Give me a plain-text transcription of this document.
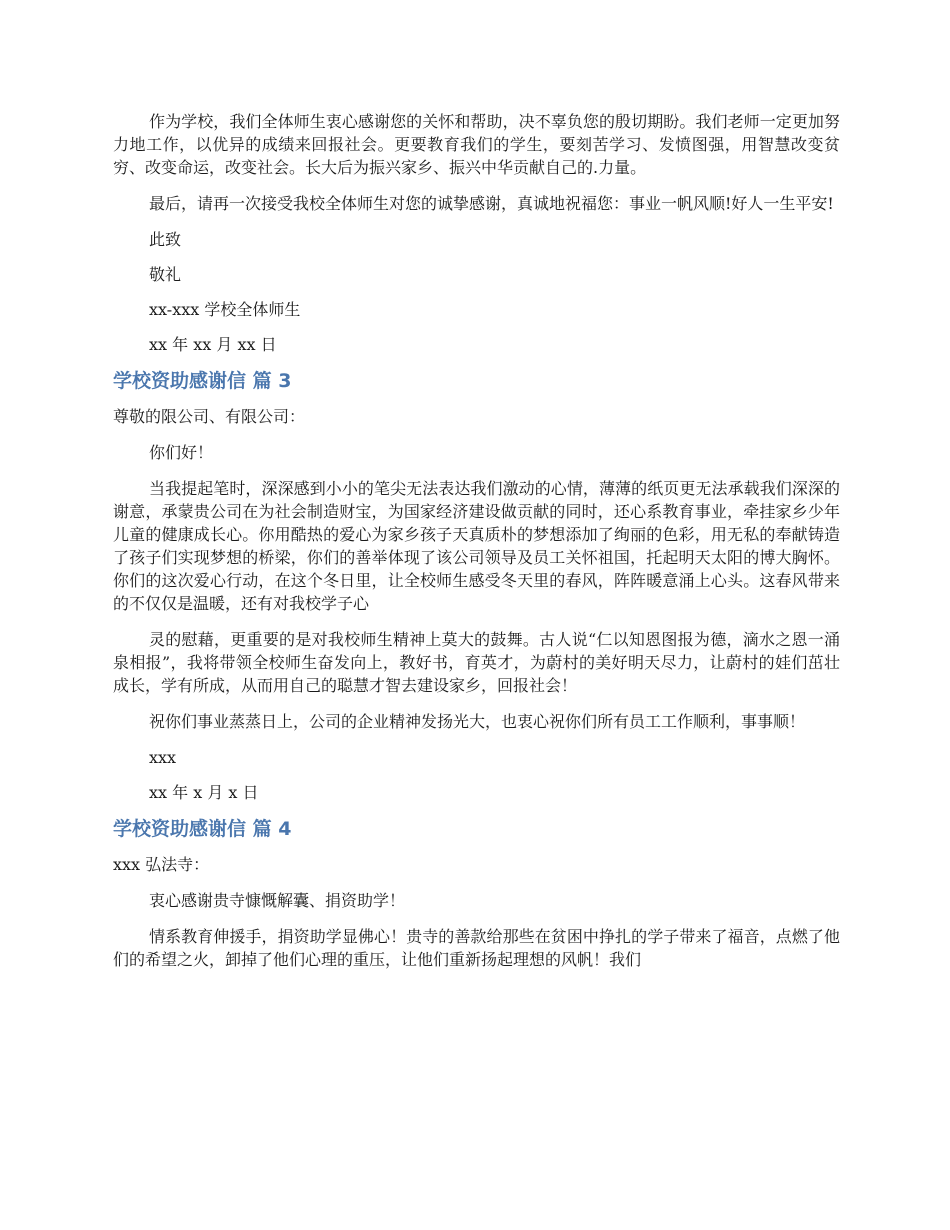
作为学校，我们全体师生衷心感谢您的关怀和帮助，决不辜负您的殷切期盼。我们老师一定更加努力地工作，以优异的成绩来回报社会。更要教育我们的学生，要刻苦学习、发愤图强，用智慧改变贫穷、改变命运，改变社会。长大后为振兴家乡、振兴中华贡献自己的.力量。

最后，请再一次接受我校全体师生对您的诚挚感谢，真诚地祝福您：事业一帆风顺!好人一生平安!

此致

敬礼

xx-xxx 学校全体师生

xx 年 xx 月 xx 日

学校资助感谢信 篇 3

尊敬的限公司、有限公司：

你们好！

当我提起笔时，深深感到小小的笔尖无法表达我们激动的心情，薄薄的纸页更无法承载我们深深的谢意，承蒙贵公司在为社会制造财宝，为国家经济建设做贡献的同时，还心系教育事业，牵挂家乡少年儿童的健康成长心。你用酷热的爱心为家乡孩子天真质朴的梦想添加了绚丽的色彩，用无私的奉献铸造了孩子们实现梦想的桥梁，你们的善举体现了该公司领导及员工关怀祖国，托起明天太阳的博大胸怀。你们的这次爱心行动，在这个冬日里，让全校师生感受冬天里的春风，阵阵暖意涌上心头。这春风带来的不仅仅是温暖，还有对我校学子心

灵的慰藉，更重要的是对我校师生精神上莫大的鼓舞。古人说“仁以知恩图报为德，滴水之恩一涌泉相报”，我将带领全校师生奋发向上，教好书，育英才，为蔚村的美好明天尽力，让蔚村的娃们茁壮成长，学有所成，从而用自己的聪慧才智去建设家乡，回报社会！

祝你们事业蒸蒸日上，公司的企业精神发扬光大，也衷心祝你们所有员工工作顺利，事事顺！

xxx

xx 年 x 月 x 日

学校资助感谢信 篇 4

xxx 弘法寺：

衷心感谢贵寺慷慨解囊、捐资助学！

情系教育伸援手，捐资助学显佛心！贵寺的善款给那些在贫困中挣扎的学子带来了福音，点燃了他们的希望之火，卸掉了他们心理的重压，让他们重新扬起理想的风帆！我们
